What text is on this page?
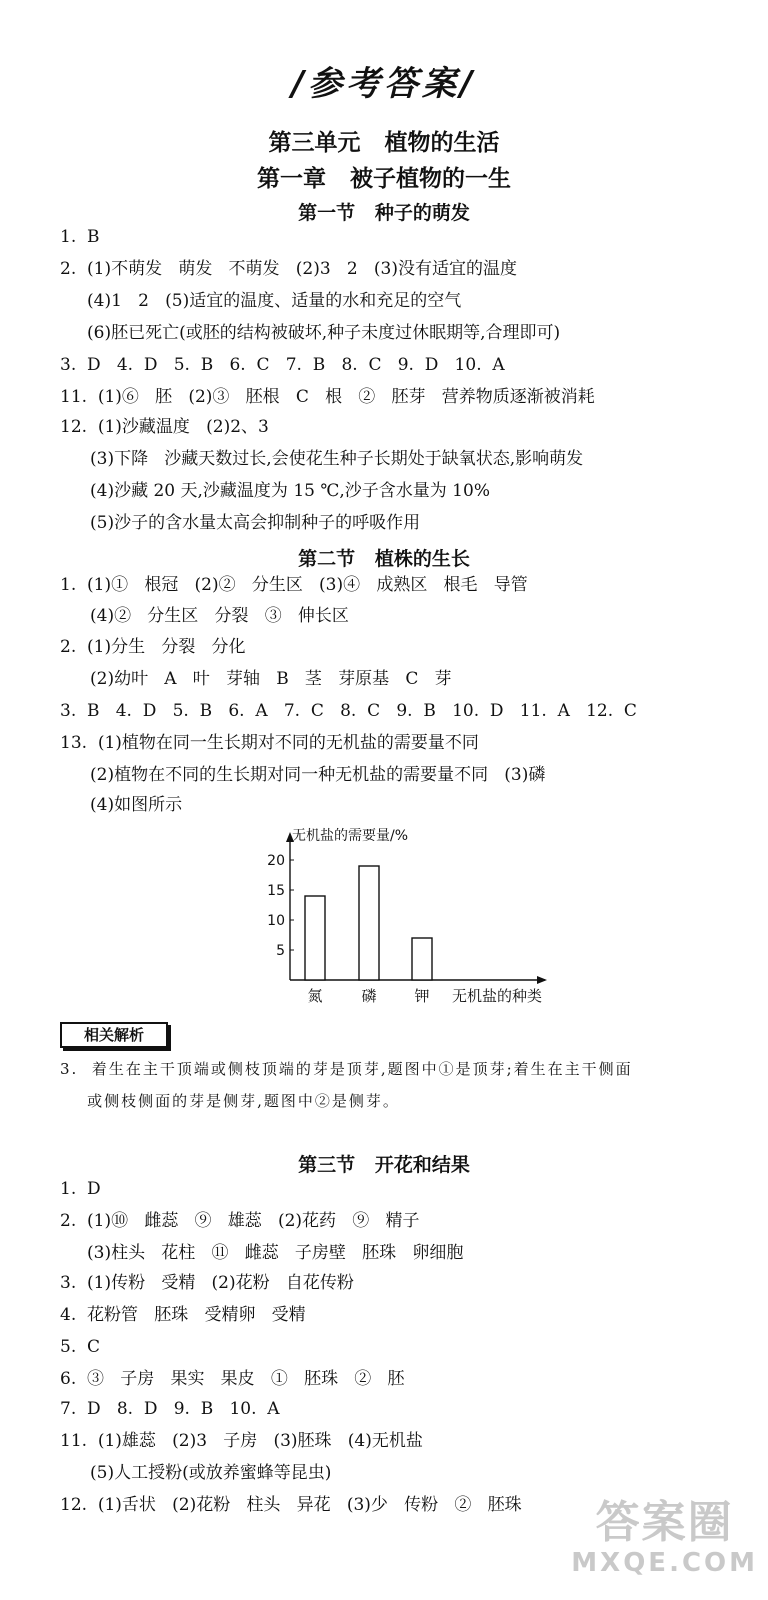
/参考答案/
第三单元   植物的生活
第一章   被子植物的一生
第一节   种子的萌发
1.  B
2.  (1)不萌发   萌发   不萌发   (2)3   2   (3)没有适宜的温度
(4)1   2   (5)适宜的温度、适量的水和充足的空气
(6)胚已死亡(或胚的结构被破坏,种子未度过休眠期等,合理即可)
3.  D   4.  D   5.  B   6.  C   7.  B   8.  C   9.  D   10.  A
11.  (1)⑥   胚   (2)③   胚根   C   根   ②   胚芽   营养物质逐渐被消耗
12.  (1)沙藏温度   (2)2、3
(3)下降   沙藏天数过长,会使花生种子长期处于缺氧状态,影响萌发
(4)沙藏 20 天,沙藏温度为 15 ℃,沙子含水量为 10%
(5)沙子的含水量太高会抑制种子的呼吸作用
第二节   植株的生长
1.  (1)①   根冠   (2)②   分生区   (3)④   成熟区   根毛   导管
(4)②   分生区   分裂   ③   伸长区
2.  (1)分生   分裂   分化
(2)幼叶   A   叶   芽轴   B   茎   芽原基   C   芽
3.  B   4.  D   5.  B   6.  A   7.  C   8.  C   9.  B   10.  D   11.  A   12.  C
13.  (1)植物在同一生长期对不同的无机盐的需要量不同
(2)植物在不同的生长期对同一种无机盐的需要量不同   (3)磷
(4)如图所示
无机盐的需要量/%
5
10
15
20
氮	磷	钾 无机盐的种类
相关解析
3.  着生在主干顶端或侧枝顶端的芽是顶芽,题图中①是顶芽;着生在主干侧面
或侧枝侧面的芽是侧芽,题图中②是侧芽。
第三节   开花和结果
1.  D
2.  (1)⑩   雌蕊   ⑨   雄蕊   (2)花药   ⑨   精子
(3)柱头   花柱   ⑪   雌蕊   子房壁   胚珠   卵细胞
3.  (1)传粉   受精   (2)花粉   自花传粉
4.  花粉管   胚珠   受精卵   受精
5.  C
6.  ③   子房   果实   果皮   ①   胚珠   ②   胚
7.  D   8.  D   9.  B   10.  A
11.  (1)雄蕊   (2)3   子房   (3)胚珠   (4)无机盐
(5)人工授粉(或放养蜜蜂等昆虫)
12.  (1)舌状   (2)花粉   柱头   异花   (3)少   传粉   ②   胚珠	答案圈
MXQE.COM
